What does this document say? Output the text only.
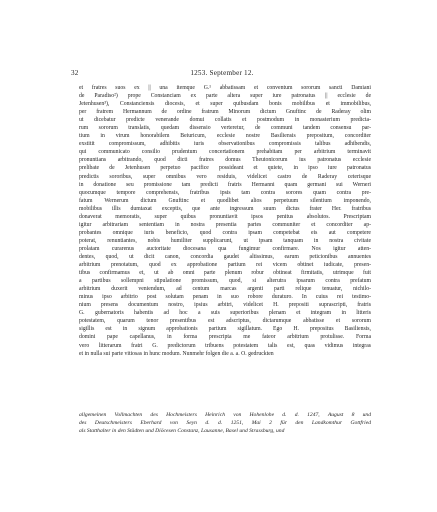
32	1253. September 12.
et fratres suos ex || una itemque G.¹ abbatissam et conventum sororum sancti Damiani
de Paradiso²) prope Constanciam ex parte altera super iure patronatus || ecclesie de
Jetenhusen³), Constanciensis diocesis, et super quibusdam bonis mobilibus et immobilibus,
per fratrem Hermannum de ordine fratrum Minorum dictum Gnuftinc de Raderay olim
ut dicebatur predicte venerande domui collatis et postmodum in monasterium predicta-
rum sororum translatis, quedam dissensio verteretur, de communi tandem consensu par-
tium in virum honorabilem Beiuricum, ecclesie nostre Basiliensis prepositum, concorditer
exstitit compromissum, adhibitis iuris observationibus compromissis talibus adhibendis,
qui communicato consilio prudentum concertationem prehabitam per arbitrium terminavit
pronuntians arbitrando, quod dicti fratres domus Theutonicorum ius patronatus ecclesie
prelibate de Jetenhusen perpetuo pacifice possideant et quiete, in ipso iure patronatus
predictis sororibus, super omnibus vero residuis, videlicet castro de Raderay ceterisque
in donatione seu promissione tam predicti fratris Hermanni quam germani sui Werneri
quocumque tempore comprehensis, fratribus ipsis tam contra sorores quam contra pre-
fatum Wernerum dictum Gnuftinc et quodlibet alios perpetuum silentium imponendo,
mobilibus illis dumtaxat exceptis, que ante ingressum suum dictus frater Her. fratribus
donaverat memoratis, super quibus pronuntiavit ipsos penitus absolutos. Prescriptam
igitur arbitrariam sententiam in nostra presentia partes communiter et concorditer ap-
probantes omnique iuris beneficio, quod contra ipsam competebat eis aut competere
poterat, renuntiantes, nobis humiliter supplicarunt, ut ipsam tanquam in nostra civitate
prolatam curarenus auctoritate diocesana qua fungimur confirmare. Nos igitur atten-
dentes, quod, ut dicit canon, concordia gaudet altissimus, earum peticionibus annuentes
arbitrium prenotatum, quod ex approbatione partium rei vicem obtinet iudicate, presen-
tibus confirmamus et, ut ab omni parte plenum robur obtineat firmitatis, utrimque fuit
a partibus sollempni stipulatione promissum, quod, si alterutra ipsarum contra prefatum
arbitrium duxerit veniendum, ad centum marcas argenti parti relique tenuatur, nichilo-
minus ipso arbitrio post solutam penam in suo robore duraturo. In cuius rei testimo-
nium presens documentum nostro, ipsius arbitri, videlicet H. prepositi suprascripti, fratris
G. gubernatoris habentis ad hoc a suis superioribus plenam et integram in litteris
potestatem, quarum tenor presentibus est adscriptus, dictarumque abbatisse et sororum
sigillis est in signum approbationis partium sigillatum. Ego H. prepositus Basiliensis,
domini pape capellanus, in forma prescripta me fateor arbitrium protulisse. Forma
vero litterarum fratri G. predictorum tribuens potestatem talis est, quas vidimus integras
et in nulla sui parte vitiosas in hunc modum. Nunmehr folgen die a. a. O. gedruckten
allgemeinen Vollmachten des Hochmeisters Heinrich von Hohenlohe d. d. 1247, August 8 und
des Deutschmeisters Eberhard von Seyn d. d. 1251, Mai 2 für den Landkomthur Gottfried
als Statthalter in den Städten und Diöcesen Constanz, Lausanne, Basel und Strassburg, und
